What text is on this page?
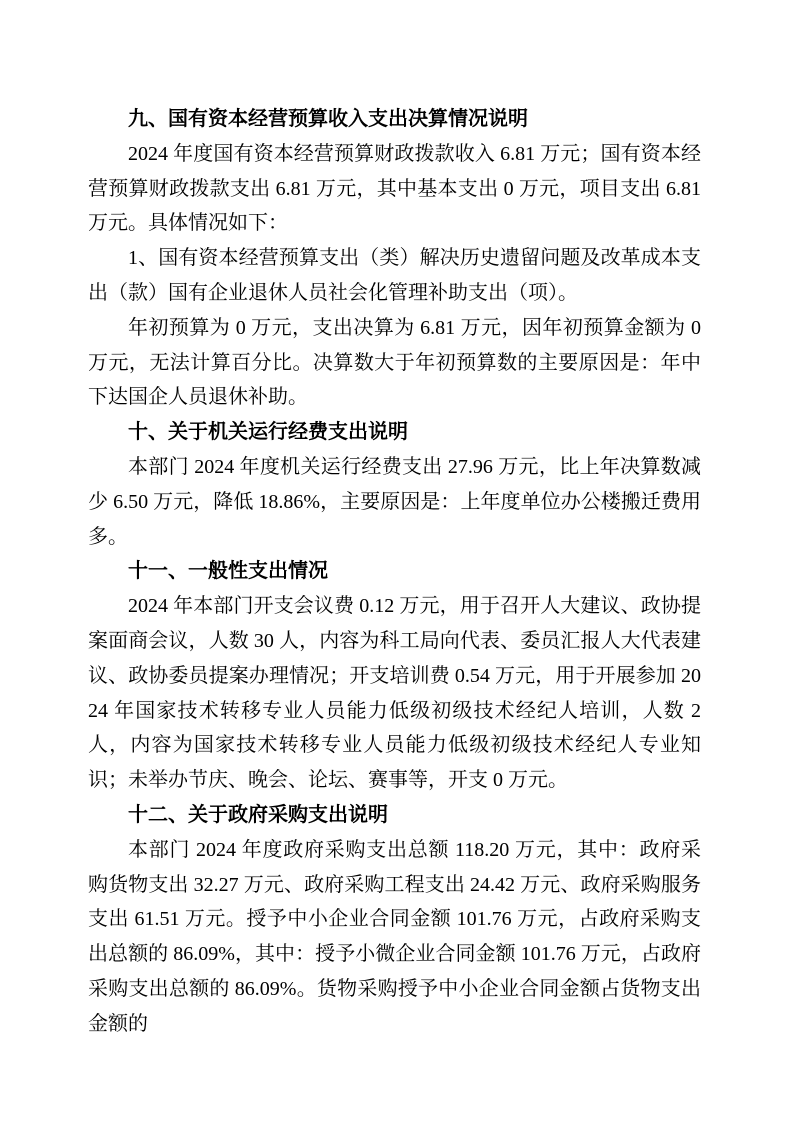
九、国有资本经营预算收入支出决算情况说明

2024 年度国有资本经营预算财政拨款收入 6.81 万元；国有资本经营预算财政拨款支出 6.81 万元，其中基本支出 0 万元，项目支出 6.81 万元。具体情况如下：

1、国有资本经营预算支出（类）解决历史遗留问题及改革成本支出（款）国有企业退休人员社会化管理补助支出（项）。

年初预算为 0 万元，支出决算为 6.81 万元，因年初预算金额为 0 万元，无法计算百分比。决算数大于年初预算数的主要原因是：年中下达国企人员退休补助。

十、关于机关运行经费支出说明

本部门 2024 年度机关运行经费支出 27.96 万元，比上年决算数减少 6.50 万元，降低 18.86%，主要原因是：上年度单位办公楼搬迁费用多。

十一、一般性支出情况

2024 年本部门开支会议费 0.12 万元，用于召开人大建议、政协提案面商会议，人数 30 人，内容为科工局向代表、委员汇报人大代表建议、政协委员提案办理情况；开支培训费 0.54 万元，用于开展参加 2024 年国家技术转移专业人员能力低级初级技术经纪人培训，人数 2 人，内容为国家技术转移专业人员能力低级初级技术经纪人专业知识；未举办节庆、晚会、论坛、赛事等，开支 0 万元。

十二、关于政府采购支出说明

本部门 2024 年度政府采购支出总额 118.20 万元，其中：政府采购货物支出 32.27 万元、政府采购工程支出 24.42 万元、政府采购服务支出 61.51 万元。授予中小企业合同金额 101.76 万元，占政府采购支出总额的 86.09%，其中：授予小微企业合同金额 101.76 万元，占政府采购支出总额的 86.09%。货物采购授予中小企业合同金额占货物支出金额的
